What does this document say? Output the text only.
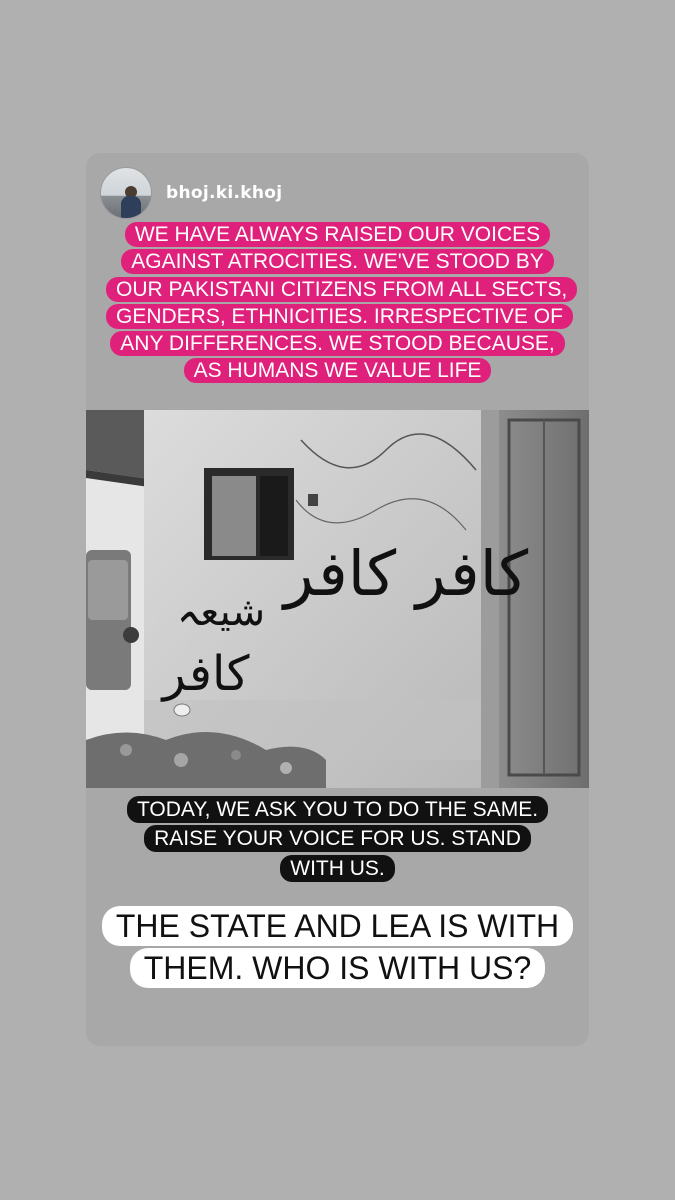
bhoj.ki.khoj
WE HAVE ALWAYS RAISED OUR VOICES AGAINST ATROCITIES. WE'VE STOOD BY OUR PAKISTANI CITIZENS FROM ALL SECTS, GENDERS, ETHNICITIES. IRRESPECTIVE OF ANY DIFFERENCES. WE STOOD BECAUSE, AS HUMANS WE VALUE LIFE
کافر کافر
شیعہ
کافر
TODAY, WE ASK YOU TO DO THE SAME. RAISE YOUR VOICE FOR US. STAND WITH US.
THE STATE AND LEA IS WITH THEM. WHO IS WITH US?
